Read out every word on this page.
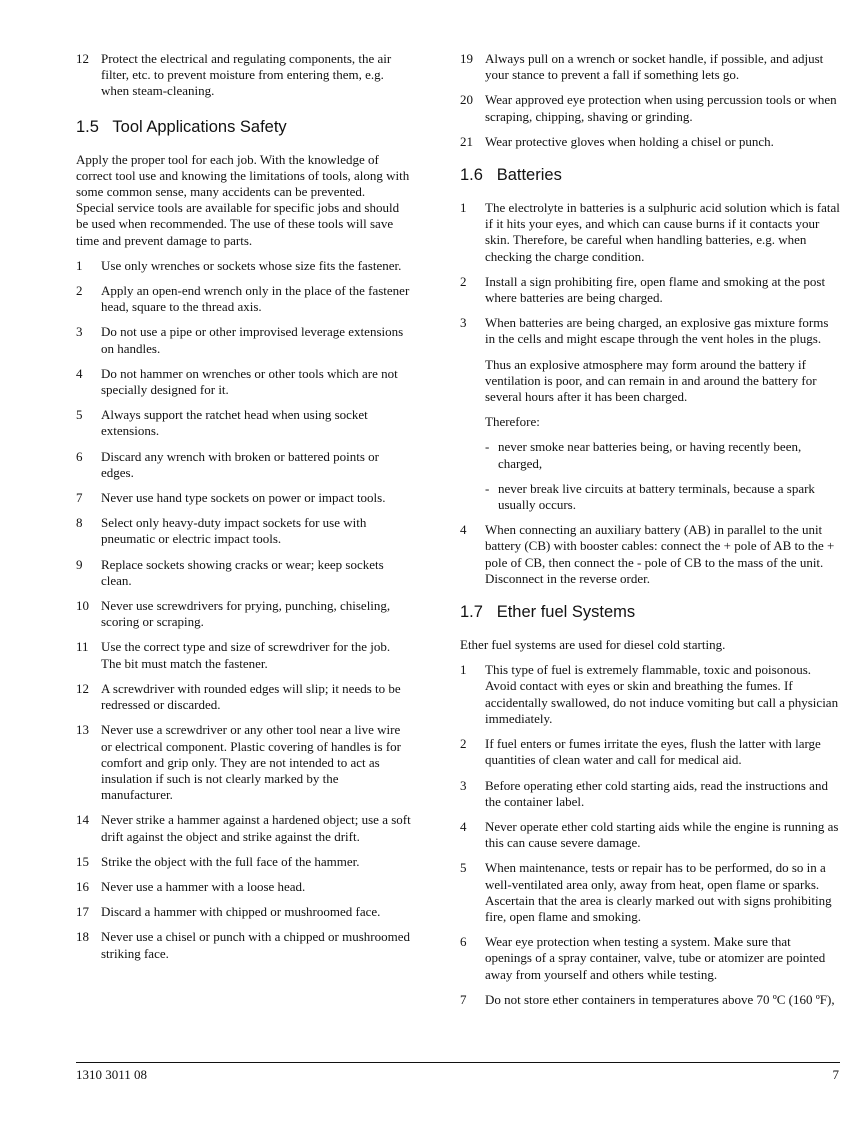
12 Protect the electrical and regulating components, the air filter, etc. to prevent moisture from entering them, e.g. when steam-cleaning.
1.5 Tool Applications Safety

Apply the proper tool for each job. With the knowledge of correct tool use and knowing the limitations of tools, along with some common sense, many accidents can be prevented.

Special service tools are available for specific jobs and should be used when recommended. The use of these tools will save time and prevent damage to parts.

1	Use only wrenches or sockets whose size fits the fastener.
2	Apply an open-end wrench only in the place of the fastener head, square to the thread axis.
3	Do not use a pipe or other improvised leverage extensions on handles.
4	Do not hammer on wrenches or other tools which are not specially designed for it.
5	Always support the ratchet head when using socket extensions.
6	Discard any wrench with broken or battered points or edges.
7	Never use hand type sockets on power or impact tools.
8	Select only heavy-duty impact sockets for use with pneumatic or electric impact tools.
9	Replace sockets showing cracks or wear; keep sockets clean.
10 Never use screwdrivers for prying, punching, chiseling, scoring or scraping.
11 Use the correct type and size of screwdriver for the job. The bit must match the fastener.
12 A screwdriver with rounded edges will slip; it needs to be redressed or discarded.
13 Never use a screwdriver or any other tool near a live wire or electrical component. Plastic covering of handles is for comfort and grip only. They are not intended to act as insulation if such is not clearly marked by the manufacturer.
14 Never strike a hammer against a hardened object; use a soft drift against the object and strike against the drift.
15 Strike the object with the full face of the hammer.
16 Never use a hammer with a loose head.
17 Discard a hammer with chipped or mushroomed face.
18 Never use a chisel or punch with a chipped or mushroomed striking face.
19 Always pull on a wrench or socket handle, if possible, and adjust your stance to prevent a fall if something lets go.
20 Wear approved eye protection when using percussion tools or when scraping, chipping, shaving or grinding.
21 Wear protective gloves when holding a chisel or punch.
1.6 Batteries
1	The electrolyte in batteries is a sulphuric acid solution which is fatal if it hits your eyes, and which can cause burns if it contacts your skin. Therefore, be careful when handling batteries, e.g. when checking the charge condition.
2	Install a sign prohibiting fire, open flame and smoking at the post where batteries are being charged.
3	When batteries are being charged, an explosive gas mixture forms in the cells and might escape through the vent holes in the plugs.

Thus an explosive atmosphere may form around the battery if ventilation is poor, and can remain in and around the battery for several hours after it has been charged.

Therefore:

- never smoke near batteries being, or having recently been, charged,
- never break live circuits at battery terminals, because a spark usually occurs.
4	When connecting an auxiliary battery (AB) in parallel to the unit battery (CB) with booster cables: connect the + pole of AB to the + pole of CB, then connect the - pole of CB to the mass of the unit. Disconnect in the reverse order.
1.7 Ether fuel Systems

Ether fuel systems are used for diesel cold starting.

1	This type of fuel is extremely flammable, toxic and poisonous. Avoid contact with eyes or skin and breathing the fumes. If accidentally swallowed, do not induce vomiting but call a physician immediately.
2	If fuel enters or fumes irritate the eyes, flush the latter with large quantities of clean water and call for medical aid.
3	Before operating ether cold starting aids, read the instructions and the container label.
4	Never operate ether cold starting aids while the engine is running as this can cause severe damage.
5	When maintenance, tests or repair has to be performed, do so in a well-ventilated area only, away from heat, open flame or sparks. Ascertain that the area is clearly marked out with signs prohibiting fire, open flame and smoking.
6	Wear eye protection when testing a system. Make sure that openings of a spray container, valve, tube or atomizer are pointed away from yourself and others while testing.
7	Do not store ether containers in temperatures above 70 ºC (160 ºF),
1310 3011 08	7
